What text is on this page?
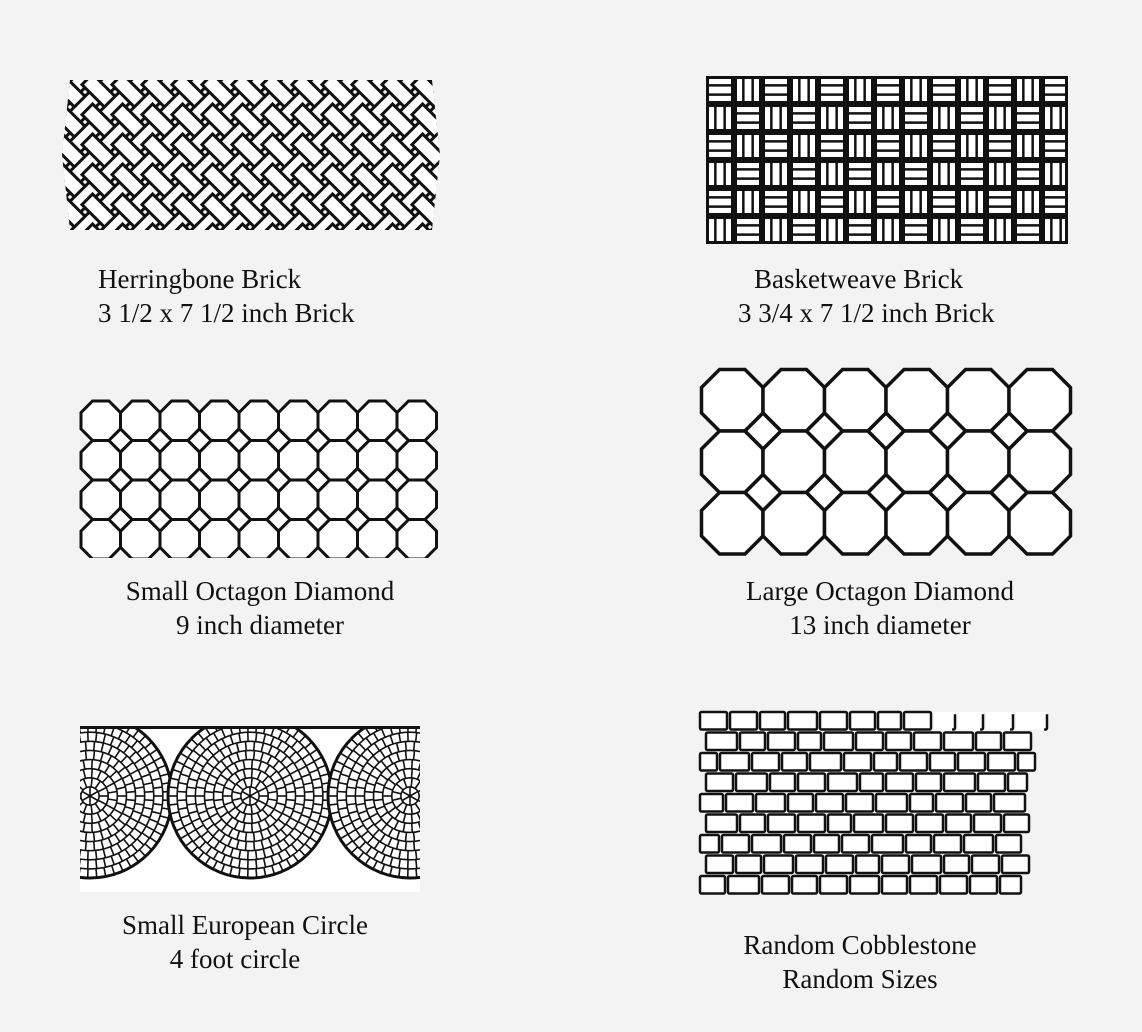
Herringbone Brick
3 1/2 x 7 1/2 inch Brick
Basketweave Brick
3 3/4 x 7 1/2 inch Brick
Small Octagon Diamond
9 inch diameter
Large Octagon Diamond
13 inch diameter
Small European Circle
4 foot circle	Random Cobblestone
Random Sizes
